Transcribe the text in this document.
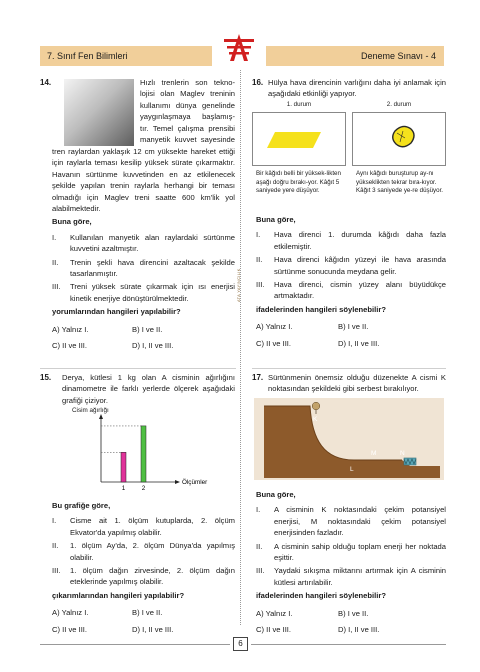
7. Sınıf Fen Bilimleri	Deneme Sınavı - 4
ATA YAYINCILIK
14.	Hızlı trenlerin son tekno-
lojisi olan Maglev treninin
kullanımı dünya genelinde
yaygınlaşmaya başlamış-
tır. Temel çalışma prensibi
manyetik kuvvet sayesinde
tren raylardan yaklaşık 12 cm yüksekte hareket ettiği için raylarla teması kesilip yüksek sürate çıkarmaktır. Havanın sürtünme kuvvetinden en az etkilenecek şekilde yapılan trenin raylarla herhangi bir teması olmadığı için Maglev treni saatte 600 km'lik yol alabilmektedir.
Buna göre,
I. Kullanılan manyetik alan raylardaki sürtünme kuvvetini azaltmıştır.
II. Trenin şekli hava direncini azaltacak şekilde tasarlanmıştır.
III. Treni yüksek sürate çıkarmak için ısı enerjisi kinetik enerjiye dönüştürülmektedir.
yorumlarından hangileri yapılabilir?
A) Yalnız I.	B) I ve II.
C) II ve III.	D) I, II ve III.
15. Derya, kütlesi 1 kg olan A cisminin ağırlığını dinamometre ile farklı yerlerde ölçerek aşağıdaki grafiği çiziyor.
Cisim ağırlığı
1	2
Ölçümler
Bu grafiğe göre,
I. Cisme ait 1. ölçüm kutuplarda, 2. ölçüm Ekvator'da yapılmış olabilir.
II. 1. ölçüm Ay'da, 2. ölçüm Dünya'da yapılmış olabilir.
III. 1. ölçüm dağın zirvesinde, 2. ölçüm dağın eteklerinde yapılmış olabilir.
çıkarımlarından hangileri yapılabilir?
A) Yalnız I.	B) I ve II.
C) II ve III.	D) I, II ve III.
16. Hülya hava direncinin varlığını daha iyi anlamak için aşağıdaki etkinliği yapıyor.
1. durum	2. durum
Bir kâğıdı belli bir yüksek-likten aşağı doğru bırakı-yor. Kâğıt 5 saniyede yere düşüyor.
Aynı kâğıdı buruşturup ay-nı yükseklikten tekrar bıra-kıyor. Kâğıt 3 saniyede ye-re düşüyor.
Buna göre,
I. Hava direnci 1. durumda kâğıdı daha fazla etkilemiştir.
II. Hava direnci kâğıdın yüzeyi ile hava arasında sürtünme sonucunda meydana gelir.
III. Hava direnci, cismin yüzey alanı büyüdükçe artmaktadır.
ifadelerinden hangileri söylenebilir?
A) Yalnız I.	B) I ve II.
C) II ve III.	D) I, II ve III.
17. Sürtünmenin önemsiz olduğu düzenekte A cismi K noktasından şekildeki gibi serbest bırakılıyor.
K
L
M	N
Buna göre,
I. A cisminin K noktasındaki çekim potansiyel enerjisi, M noktasındaki çekim potansiyel enerjisinden fazladır.
II. A cisminin sahip olduğu toplam enerji her noktada eşittir.
III. Yaydaki sıkışma miktarını artırmak için A cisminin kütlesi artırılabilir.
ifadelerinden hangileri söylenebilir?
A) Yalnız I.	B) I ve II.
C) II ve III.	D) I, II ve III.
6
